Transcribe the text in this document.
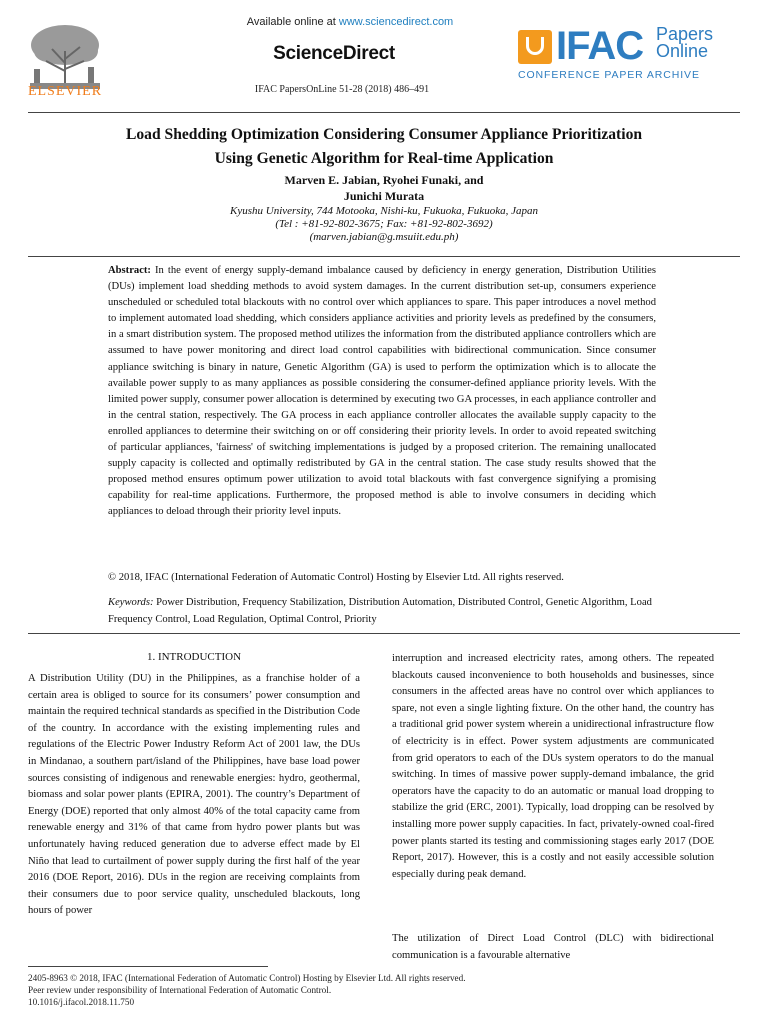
ELSEVIER
Available online at www.sciencedirect.com
ScienceDirect
IFAC PapersOnLine 51-28 (2018) 486–491
IFAC Papers
Online
CONFERENCE PAPER ARCHIVE
Load Shedding Optimization Considering Consumer Appliance Prioritization
Using Genetic Algorithm for Real-time Application
Marven E. Jabian, Ryohei Funaki, and
Junichi Murata
Kyushu University, 744 Motooka, Nishi-ku, Fukuoka, Fukuoka, Japan
(Tel : +81-92-802-3675; Fax: +81-92-802-3692)
(marven.jabian@g.msuiit.edu.ph)
Abstract: In the event of energy supply-demand imbalance caused by deficiency in energy generation, Distribution Utilities (DUs) implement load shedding methods to avoid system damages. In the current distribution set-up, consumers experience unscheduled or scheduled total blackouts with no control over which appliances to spare. This paper introduces a novel method to implement automated load shedding, which considers appliance activities and priority levels as predefined by the consumers, in a smart distribution system. The proposed method utilizes the information from the distributed appliance controllers which are assumed to have power monitoring and direct load control capabilities with bidirectional communication. Since consumer appliance switching is binary in nature, Genetic Algorithm (GA) is used to perform the optimization which is to allocate the available power supply to as many appliances as possible considering the consumer-defined appliance priority levels. With the limited power supply, consumer power allocation is determined by executing two GA processes, in each appliance controller and in the central station, respectively. The GA process in each appliance controller allocates the available supply capacity to the enrolled appliances to determine their switching on or off considering their priority levels. In order to avoid repeated switching of particular appliances, 'fairness' of switching implementations is judged by a proposed criterion. The remaining unallocated supply capacity is collected and optimally redistributed by GA in the central station. The case study results showed that the proposed method ensures optimum power utilization to avoid total blackouts with fast convergence signifying a promising capability for real-time applications. Furthermore, the proposed method is able to involve consumers in deciding which appliances to deload through their priority level inputs.
© 2018, IFAC (International Federation of Automatic Control) Hosting by Elsevier Ltd. All rights reserved.
Keywords: Power Distribution, Frequency Stabilization, Distribution Automation, Distributed Control, Genetic Algorithm, Load Frequency Control, Load Regulation, Optimal Control, Priority
1. INTRODUCTION
A Distribution Utility (DU) in the Philippines, as a franchise holder of a certain area is obliged to source for its consumers’ power consumption and maintain the required technical standards as specified in the Distribution Code of the country. In accordance with the existing implementing rules and regulations of the Electric Power Industry Reform Act of 2001 law, the DUs in Mindanao, a southern part/island of the Philippines, have base load power sources consisting of indigenous and renewable energies: hydro, geothermal, biomass and solar power plants (EPIRA, 2001). The country’s Department of Energy (DOE) reported that only almost 40% of the total capacity came from renewable energy and 31% of that came from hydro power plants but was unfortunately having reduced generation due to adverse effect made by El Niño that lead to curtailment of power supply during the first half of the year 2016 (DOE Report, 2016). DUs in the region are receiving complaints from their consumers due to poor service quality, unscheduled blackouts, long hours of power
interruption and increased electricity rates, among others. The repeated blackouts caused inconvenience to both households and businesses, since consumers in the affected areas have no control over which appliances to spare, not even a single lighting fixture. On the other hand, the country has a traditional grid power system wherein a unidirectional infrastructure flow of electricity is in effect. Power system adjustments are communicated from grid operators to each of the DUs system operators to do the manual switching. In times of massive power supply-demand imbalance, the grid operators have the capacity to do an automatic or manual load dropping to stabilize the grid (ERC, 2001). Typically, load dropping can be resolved by installing more power supply capacities. In fact, privately-owned coal-fired power plants started its testing and commissioning stages early 2017 (DOE Report, 2017). However, this is a costly and not easily accessible solution especially during peak demand.
The utilization of Direct Load Control (DLC) with bidirectional communication is a favourable alternative
2405-8963 © 2018, IFAC (International Federation of Automatic Control) Hosting by Elsevier Ltd. All rights reserved.
Peer review under responsibility of International Federation of Automatic Control.
10.1016/j.ifacol.2018.11.750
